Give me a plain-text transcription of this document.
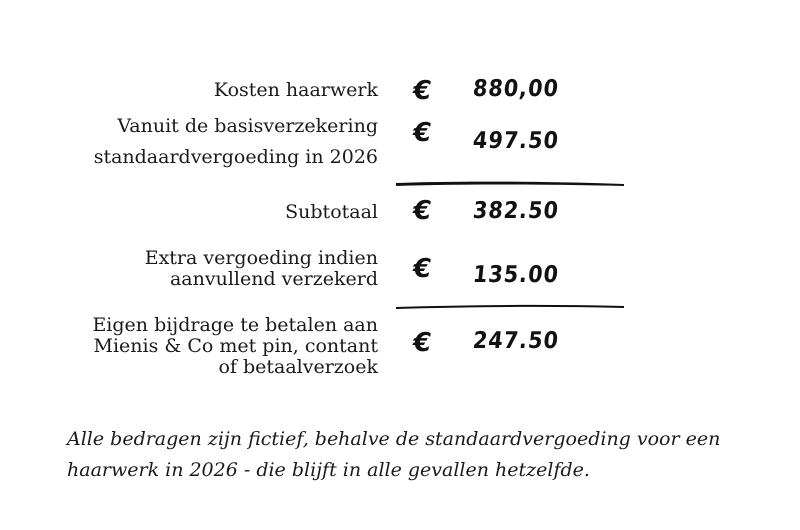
Kosten haarwerk € 880,00
Vanuit de basisverzekering
standaardvergoeding in 2026
€ 497.50
Subtotaal € 382.50
Extra vergoeding indien
aanvullend verzekerd € 135.00
Eigen bijdrage te betalen aan
Mienis & Co met pin, contant
of betaalverzoek
€ 247.50
Alle bedragen zijn fictief, behalve de standaardvergoeding voor een
haarwerk in 2026 - die blijft in alle gevallen hetzelfde.
